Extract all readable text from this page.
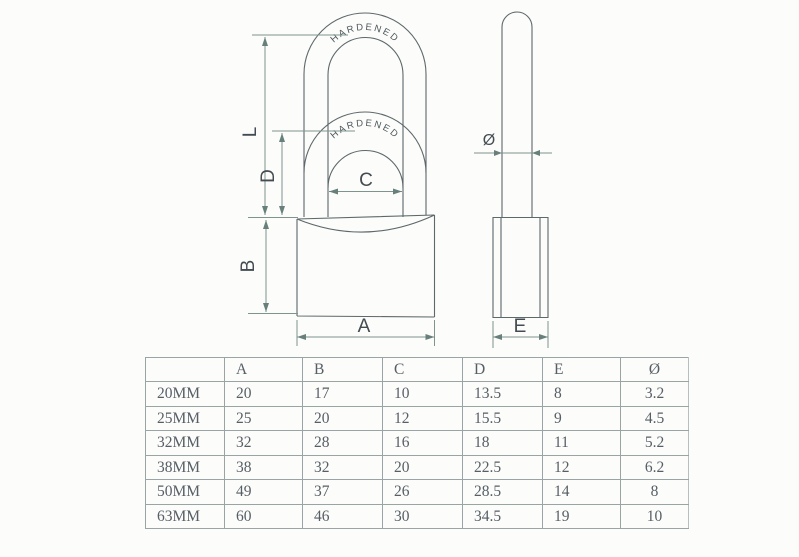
HARDENED
HARDENED
L
D
B
C
A	E
Ø
	A	B	C	D	E	Ø
20MM	20	17	10	13.5	8	3.2
25MM	25	20	12	15.5	9	4.5
32MM	32	28	16	18	11	5.2
38MM	38	32	20	22.5	12	6.2
50MM	49	37	26	28.5	14	8
63MM	60	46	30	34.5	19	10
